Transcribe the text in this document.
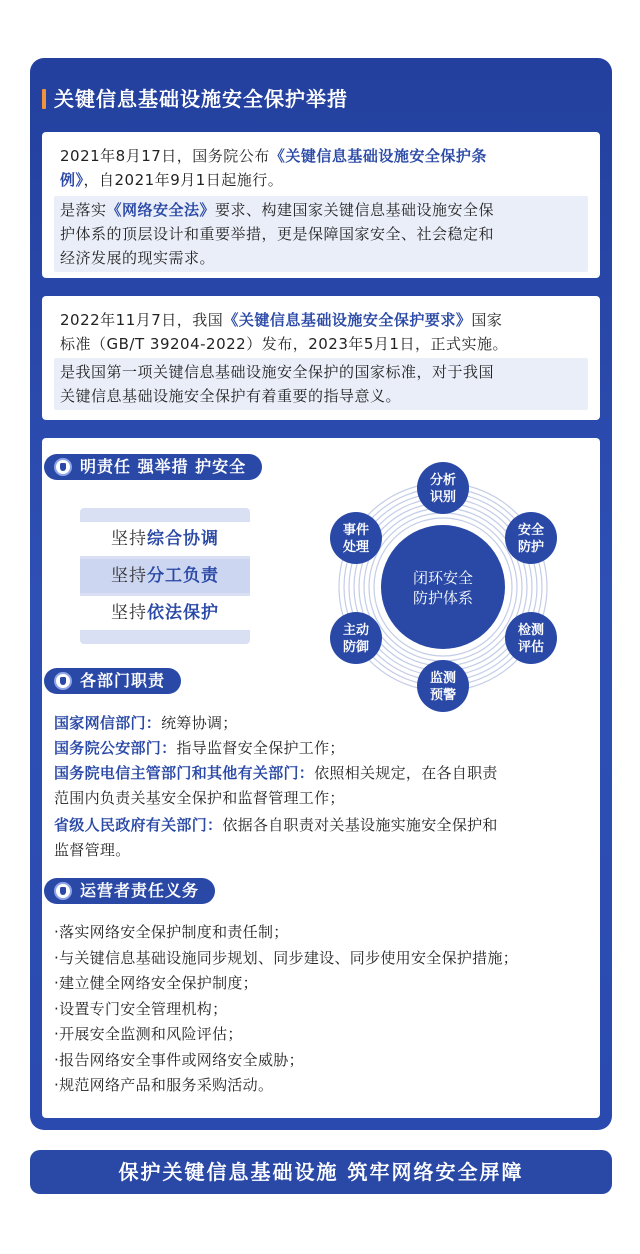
关键信息基础设施安全保护举措
2021年8月17日，国务院公布《关键信息基础设施安全保护条
例》，自2021年9月1日起施行。
是落实《网络安全法》要求、构建国家关键信息基础设施安全保
护体系的顶层设计和重要举措，更是保障国家安全、社会稳定和
经济发展的现实需求。
2022年11月7日，我国《关键信息基础设施安全保护要求》国家
标准（GB/T 39204-2022）发布，2023年5月1日，正式实施。
是我国第一项关键信息基础设施安全保护的国家标准，对于我国
关键信息基础设施安全保护有着重要的指导意义。
明责任 强举措 护安全
坚持综合协调
坚持分工负责
坚持依法保护
闭环安全
防护体系
分析
识别
安全
防护
检测
评估
监测
预警
主动
防御
事件
处理
各部门职责
国家网信部门：统筹协调；
国务院公安部门：指导监督安全保护工作；
国务院电信主管部门和其他有关部门：依照相关规定，在各自职责
范围内负责关基安全保护和监督管理工作；
省级人民政府有关部门：依据各自职责对关基设施实施安全保护和
监督管理。
运营者责任义务
·落实网络安全保护制度和责任制；
·与关键信息基础设施同步规划、同步建设、同步使用安全保护措施；
·建立健全网络安全保护制度；
·设置专门安全管理机构；
·开展安全监测和风险评估；
·报告网络安全事件或网络安全威胁；
·规范网络产品和服务采购活动。
保护关键信息基础设施 筑牢网络安全屏障
